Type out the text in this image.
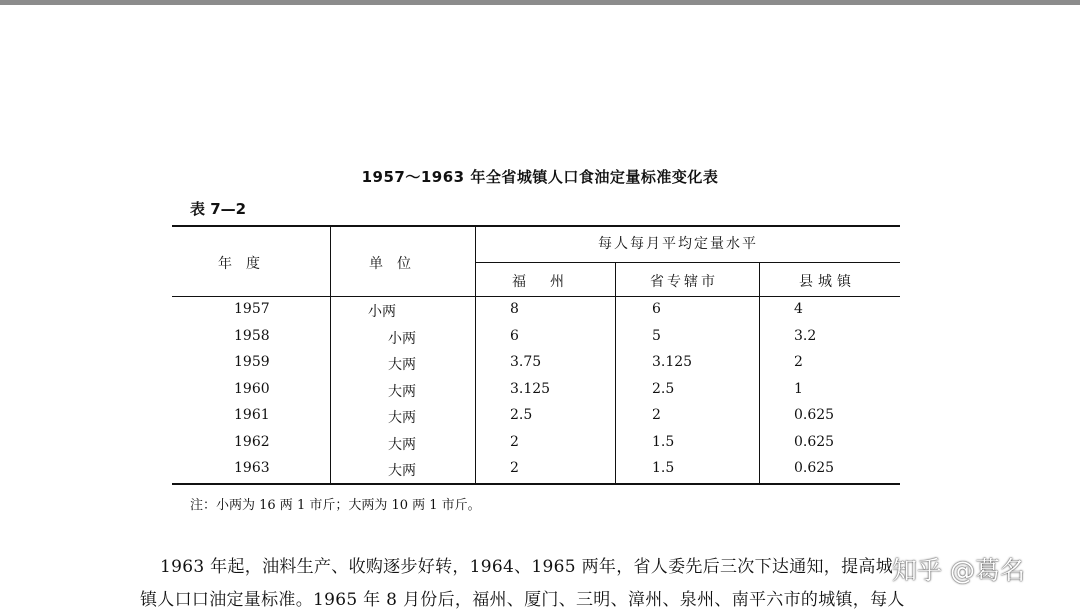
1957～1963 年全省城镇人口食油定量标准变化表
表 7—2
年度	单位
每人每月平均定量水平
福州	省专辖市	县城镇
1957	小两	8	6	4
1958	小两	6	5	3.2
1959	大两	3.75	3.125	2
1960	大两	3.125	2.5	1
1961	大两	2.5	2	0.625
1962	大两	2	1.5	0.625
1963	大两	2	1.5	0.625
注：小两为 16 两 1 市斤；大两为 10 两 1 市斤。
1963 年起，油料生产、收购逐步好转，1964、1965 两年，省人委先后三次下达通知，提高城
镇人口口油定量标准。1965 年 8 月份后，福州、厦门、三明、漳州、泉州、南平六市的城镇，每人
知乎 @葛名
